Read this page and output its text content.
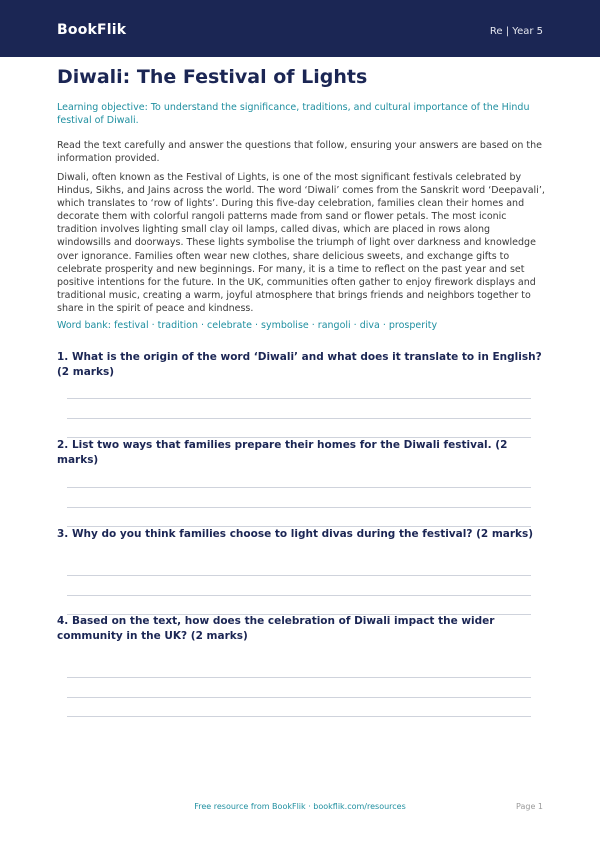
BookFlik	Re | Year 5
Diwali: The Festival of Lights
Learning objective: To understand the significance, traditions, and cultural importance of the Hindu festival of Diwali.
Read the text carefully and answer the questions that follow, ensuring your answers are based on the information provided.
Diwali, often known as the Festival of Lights, is one of the most significant festivals celebrated by Hindus, Sikhs, and Jains across the world. The word ‘Diwali’ comes from the Sanskrit word ‘Deepavali’, which translates to ‘row of lights’. During this five-day celebration, families clean their homes and decorate them with colorful rangoli patterns made from sand or flower petals. The most iconic tradition involves lighting small clay oil lamps, called divas, which are placed in rows along windowsills and doorways. These lights symbolise the triumph of light over darkness and knowledge over ignorance. Families often wear new clothes, share delicious sweets, and exchange gifts to celebrate prosperity and new beginnings. For many, it is a time to reflect on the past year and set positive intentions for the future. In the UK, communities often gather to enjoy firework displays and traditional music, creating a warm, joyful atmosphere that brings friends and neighbors together to share in the spirit of peace and kindness.
Word bank: festival · tradition · celebrate · symbolise · rangoli · diva · prosperity
1. What is the origin of the word ‘Diwali’ and what does it translate to in English? (2 marks)
2. List two ways that families prepare their homes for the Diwali festival. (2 marks)
3. Why do you think families choose to light divas during the festival? (2 marks)
4. Based on the text, how does the celebration of Diwali impact the wider community in the UK? (2 marks)
Free resource from BookFlik · bookflik.com/resources	Page 1
